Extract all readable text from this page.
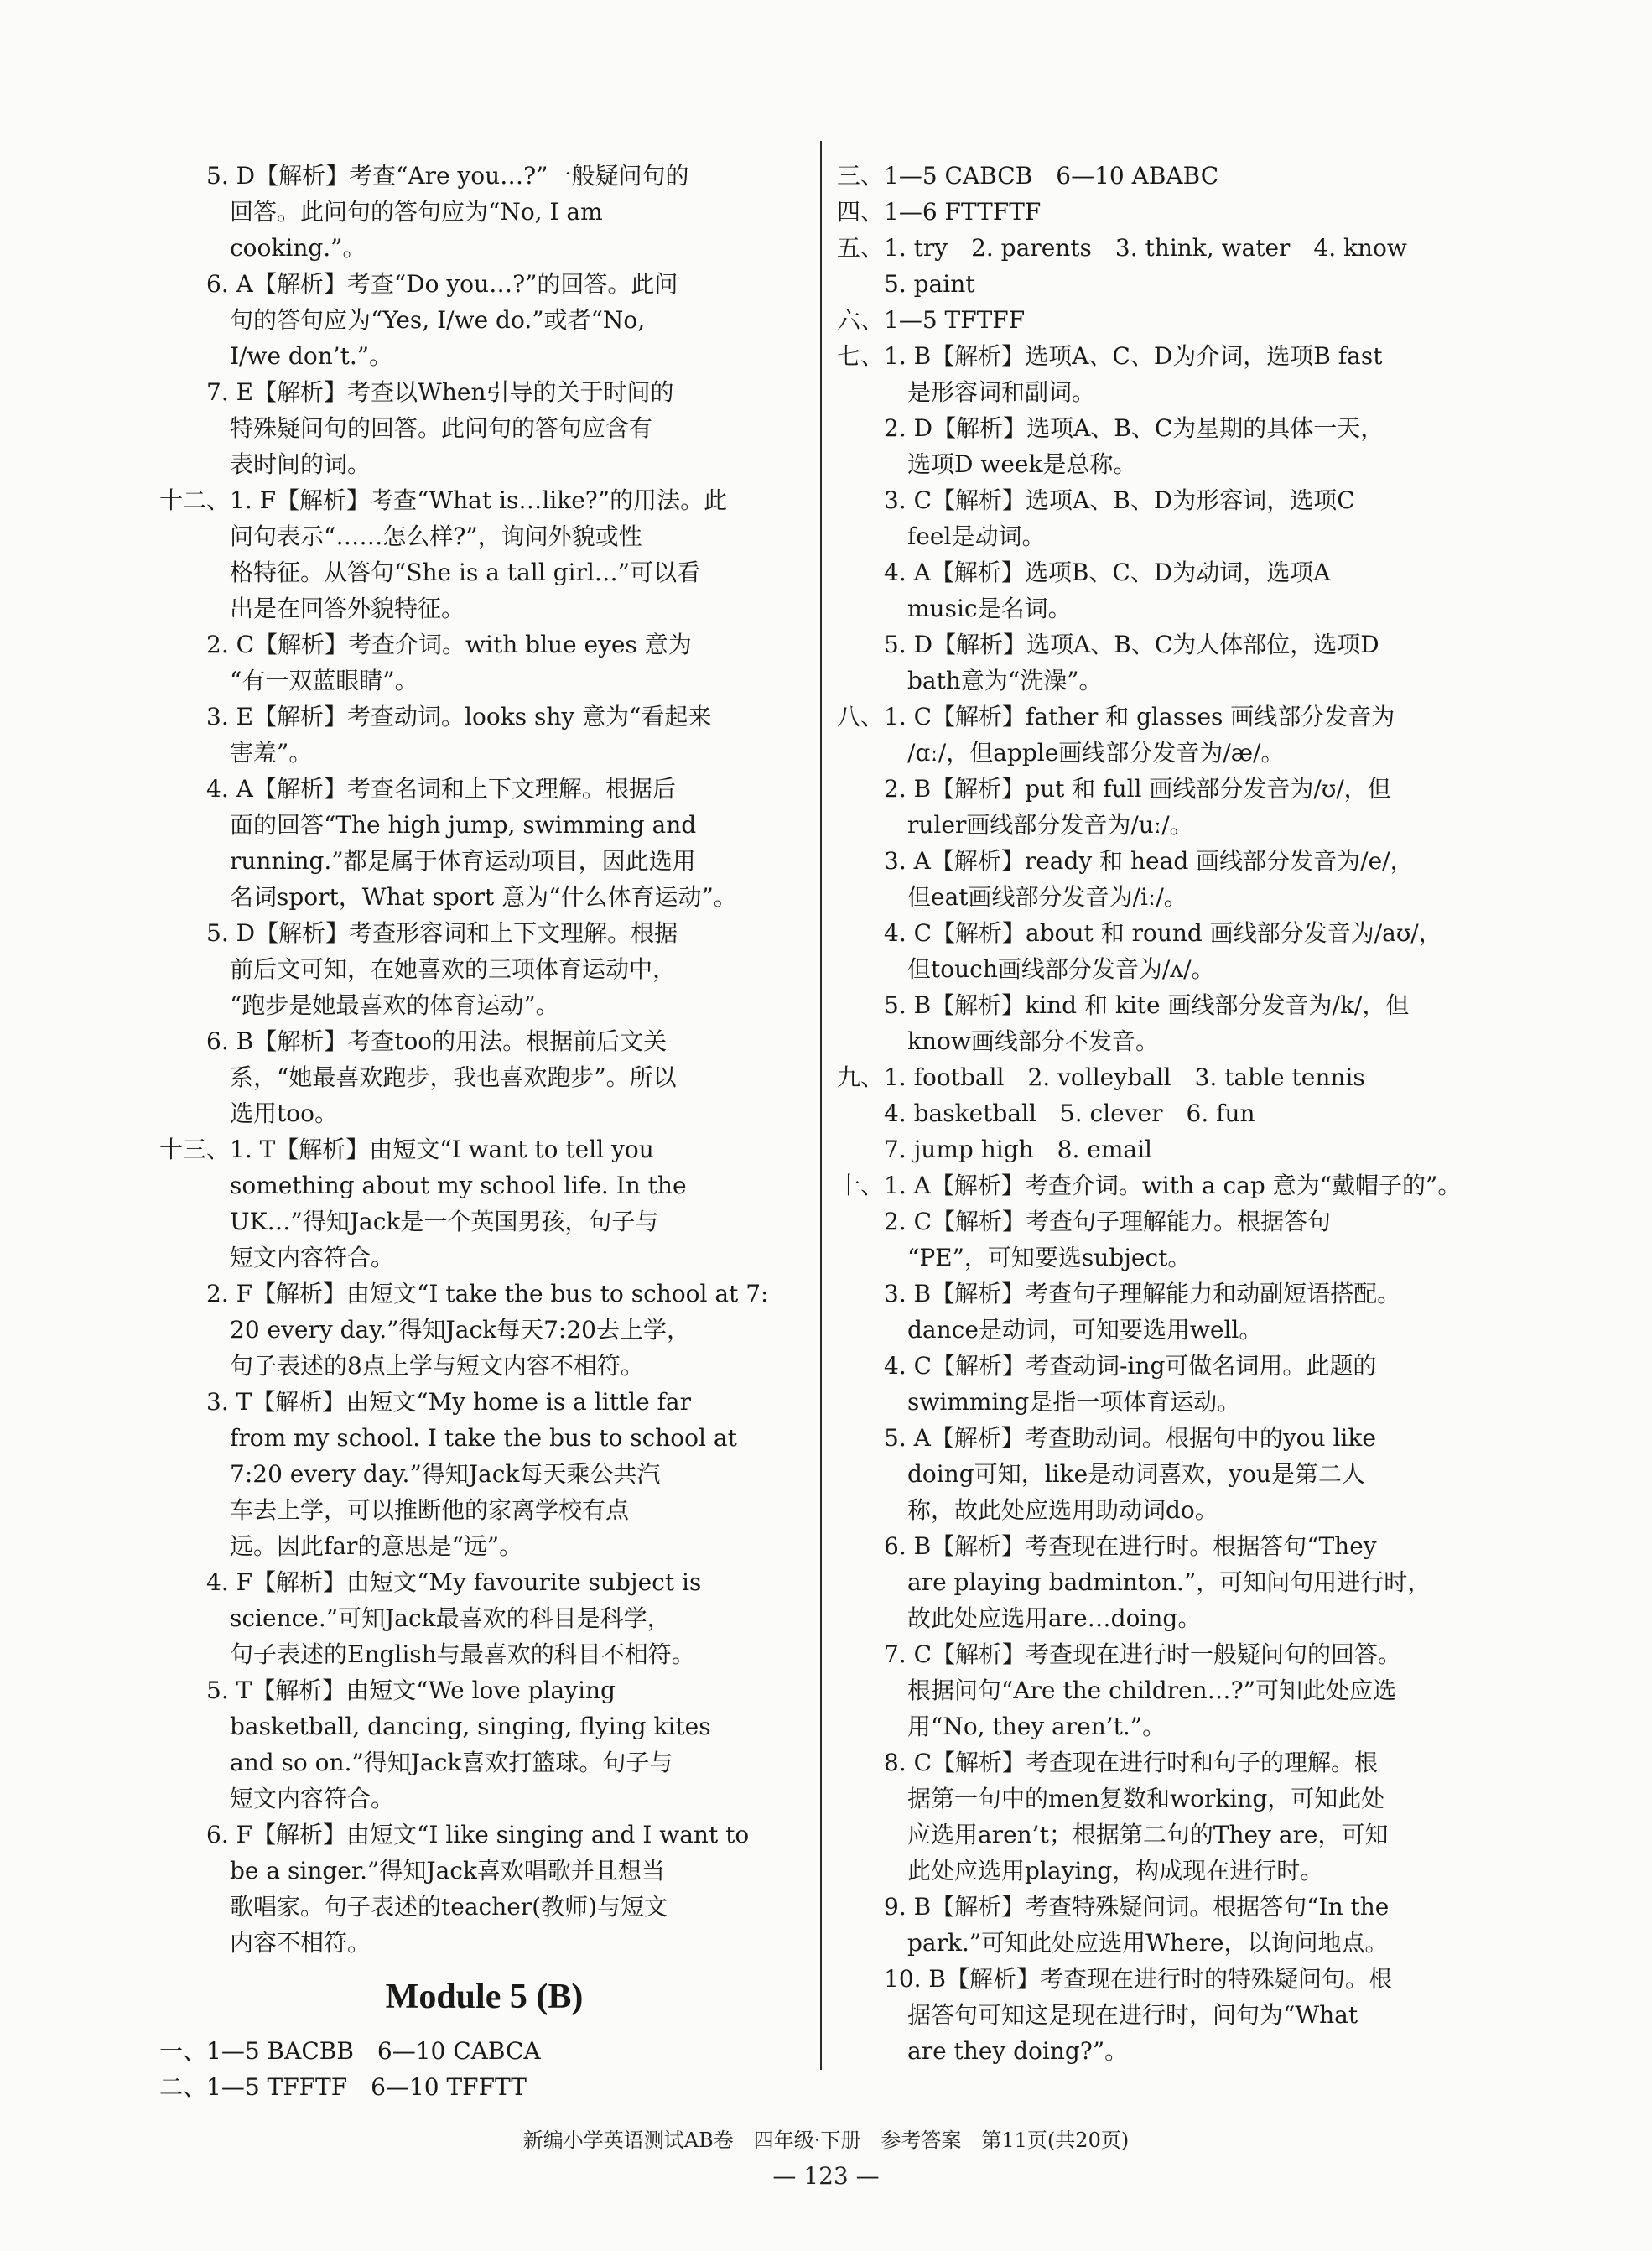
　　5. D【解析】考查“Are you…?”一般疑问句的
　　　回答。此问句的答句应为“No, I am
　　　cooking.”。
　　6. A【解析】考查“Do you…?”的回答。此问
　　　句的答句应为“Yes, I/we do.”或者“No,
　　　I/we don’t.”。
　　7. E【解析】考查以When引导的关于时间的
　　　特殊疑问句的回答。此问句的答句应含有
　　　表时间的词。
十二、1. F【解析】考查“What is…like?”的用法。此
　　　问句表示“……怎么样?”，询问外貌或性
　　　格特征。从答句“She is a tall girl…”可以看
　　　出是在回答外貌特征。
　　2. C【解析】考查介词。with blue eyes 意为
　　　“有一双蓝眼睛”。
　　3. E【解析】考查动词。looks shy 意为“看起来
　　　害羞”。
　　4. A【解析】考查名词和上下文理解。根据后
　　　面的回答“The high jump, swimming and
　　　running.”都是属于体育运动项目，因此选用
　　　名词sport，What sport 意为“什么体育运动”。
　　5. D【解析】考查形容词和上下文理解。根据
　　　前后文可知，在她喜欢的三项体育运动中，
　　　“跑步是她最喜欢的体育运动”。
　　6. B【解析】考查too的用法。根据前后文关
　　　系，“她最喜欢跑步，我也喜欢跑步”。所以
　　　选用too。
十三、1. T【解析】由短文“I want to tell you
　　　something about my school life. In the
　　　UK…”得知Jack是一个英国男孩，句子与
　　　短文内容符合。
　　2. F【解析】由短文“I take the bus to school at 7:
　　　20 every day.”得知Jack每天7:20去上学，
　　　句子表述的8点上学与短文内容不相符。
　　3. T【解析】由短文“My home is a little far
　　　from my school. I take the bus to school at
　　　7:20 every day.”得知Jack每天乘公共汽
　　　车去上学，可以推断他的家离学校有点
　　　远。因此far的意思是“远”。
　　4. F【解析】由短文“My favourite subject is
　　　science.”可知Jack最喜欢的科目是科学，
　　　句子表述的English与最喜欢的科目不相符。
　　5. T【解析】由短文“We love playing
　　　basketball, dancing, singing, flying kites
　　　and so on.”得知Jack喜欢打篮球。句子与
　　　短文内容符合。
　　6. F【解析】由短文“I like singing and I want to
　　　be a singer.”得知Jack喜欢唱歌并且想当
　　　歌唱家。句子表述的teacher(教师)与短文
　　　内容不相符。
Module 5 (B)
一、1—5 BACBB　6—10 CABCA
二、1—5 TFFTF　6—10 TFFTT
三、1—5 CABCB　6—10 ABABC
四、1—6 FTTFTF
五、1. try　2. parents　3. think, water　4. know
　　5. paint
六、1—5 TFTFF
七、1. B【解析】选项A、C、D为介词，选项B fast
　　　是形容词和副词。
　　2. D【解析】选项A、B、C为星期的具体一天，
　　　选项D week是总称。
　　3. C【解析】选项A、B、D为形容词，选项C
　　　feel是动词。
　　4. A【解析】选项B、C、D为动词，选项A
　　　music是名词。
　　5. D【解析】选项A、B、C为人体部位，选项D
　　　bath意为“洗澡”。
八、1. C【解析】father 和 glasses 画线部分发音为
　　　/ɑː/，但apple画线部分发音为/æ/。
　　2. B【解析】put 和 full 画线部分发音为/ʊ/，但
　　　ruler画线部分发音为/uː/。
　　3. A【解析】ready 和 head 画线部分发音为/e/，
　　　但eat画线部分发音为/iː/。
　　4. C【解析】about 和 round 画线部分发音为/aʊ/，
　　　但touch画线部分发音为/ʌ/。
　　5. B【解析】kind 和 kite 画线部分发音为/k/，但
　　　know画线部分不发音。
九、1. football　2. volleyball　3. table tennis
　　4. basketball　5. clever　6. fun
　　7. jump high　8. email
十、1. A【解析】考查介词。with a cap 意为“戴帽子的”。
　　2. C【解析】考查句子理解能力。根据答句
　　　“PE”，可知要选subject。
　　3. B【解析】考查句子理解能力和动副短语搭配。
　　　dance是动词，可知要选用well。
　　4. C【解析】考查动词-ing可做名词用。此题的
　　　swimming是指一项体育运动。
　　5. A【解析】考查助动词。根据句中的you like
　　　doing可知，like是动词喜欢，you是第二人
　　　称，故此处应选用助动词do。
　　6. B【解析】考查现在进行时。根据答句“They
　　　are playing badminton.”，可知问句用进行时，
　　　故此处应选用are…doing。
　　7. C【解析】考查现在进行时一般疑问句的回答。
　　　根据问句“Are the children…?”可知此处应选
　　　用“No, they aren’t.”。
　　8. C【解析】考查现在进行时和句子的理解。根
　　　据第一句中的men复数和working，可知此处
　　　应选用aren’t；根据第二句的They are，可知
　　　此处应选用playing，构成现在进行时。
　　9. B【解析】考查特殊疑问词。根据答句“In the
　　　park.”可知此处应选用Where，以询问地点。
　　10. B【解析】考查现在进行时的特殊疑问句。根
　　　据答句可知这是现在进行时，问句为“What
　　　are they doing?”。
新编小学英语测试AB卷　四年级·下册　参考答案　第11页(共20页)
— 123 —
